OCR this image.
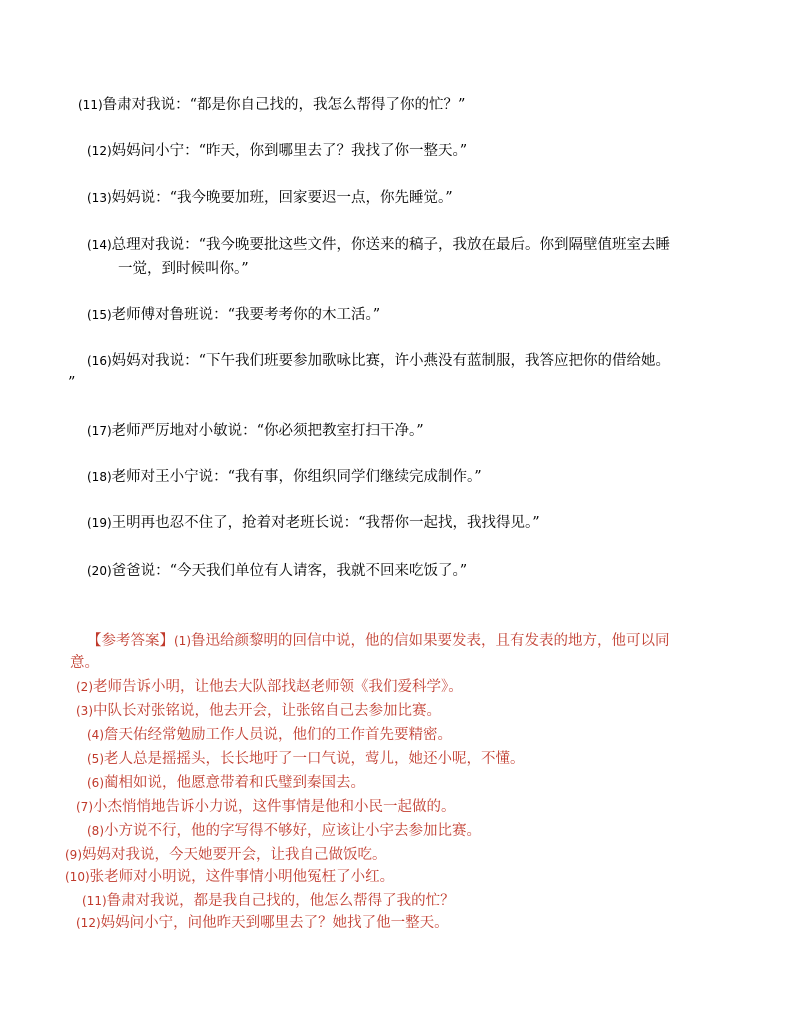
(11)鲁肃对我说：“都是你自己找的，我怎么帮得了你的忙？”
(12)妈妈问小宁：“昨天，你到哪里去了？我找了你一整天。”
(13)妈妈说：“我今晚要加班，回家要迟一点，你先睡觉。”
(14)总理对我说：“我今晚要批这些文件，你送来的稿子，我放在最后。你到隔壁值班室去睡
一觉，到时候叫你。”
(15)老师傅对鲁班说：“我要考考你的木工活。”
(16)妈妈对我说：“下午我们班要参加歌咏比赛，许小燕没有蓝制服，我答应把你的借给她。
”
(17)老师严厉地对小敏说：“你必须把教室打扫干净。”
(18)老师对王小宁说：“我有事，你组织同学们继续完成制作。”
(19)王明再也忍不住了，抢着对老班长说：“我帮你一起找，我找得见。”
(20)爸爸说：“今天我们单位有人请客，我就不回来吃饭了。”
【参考答案】(1)鲁迅给颜黎明的回信中说，他的信如果要发表，且有发表的地方，他可以同
意。
(2)老师告诉小明，让他去大队部找赵老师领《我们爱科学》。
(3)中队长对张铭说，他去开会，让张铭自己去参加比赛。
(4)詹天佑经常勉励工作人员说，他们的工作首先要精密。
(5)老人总是摇摇头，长长地吁了一口气说，莺儿，她还小呢，不懂。
(6)蔺相如说，他愿意带着和氏璧到秦国去。
(7)小杰悄悄地告诉小力说，这件事情是他和小民一起做的。
(8)小方说不行，他的字写得不够好，应该让小宇去参加比赛。
(9)妈妈对我说，今天她要开会，让我自己做饭吃。
(10)张老师对小明说，这件事情小明他冤枉了小红。
(11)鲁肃对我说，都是我自己找的，他怎么帮得了我的忙？
(12)妈妈问小宁，问他昨天到哪里去了？她找了他一整天。
